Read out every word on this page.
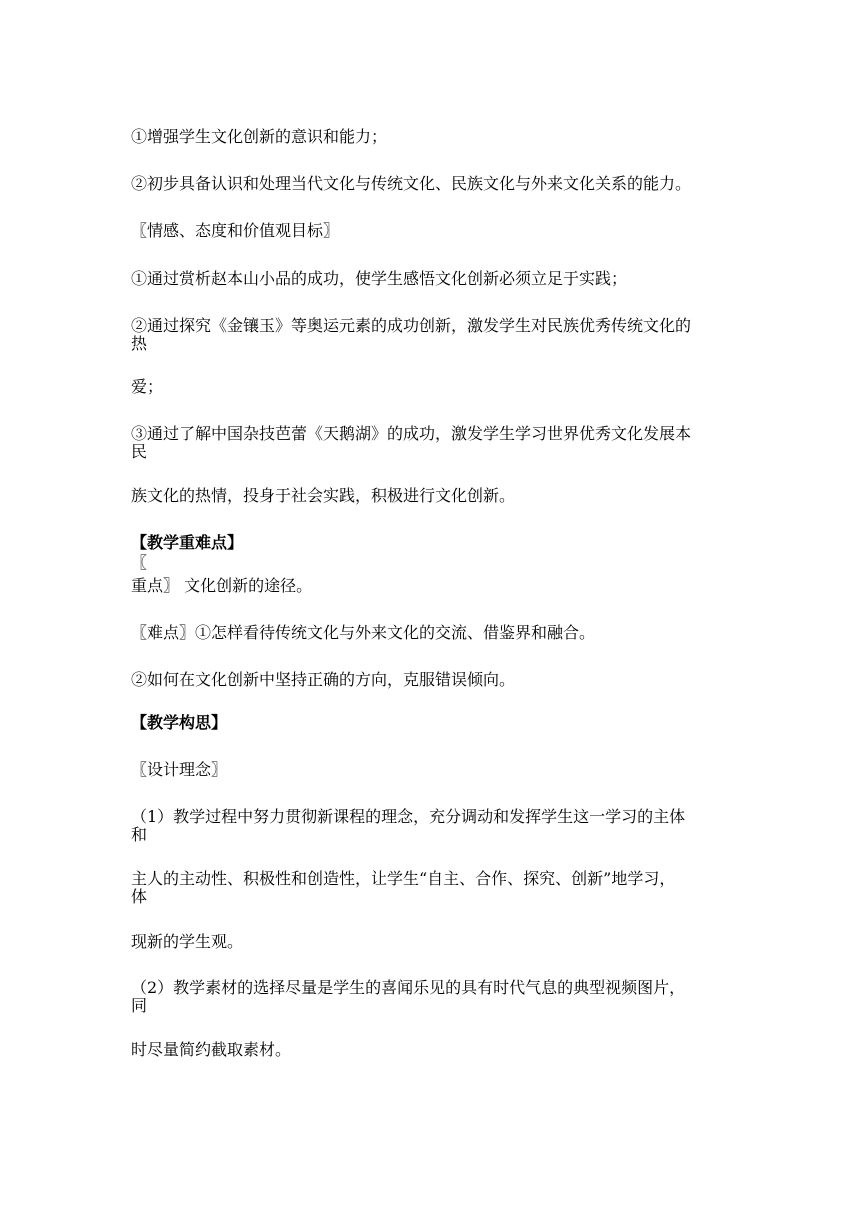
①增强学生文化创新的意识和能力；
②初步具备认识和处理当代文化与传统文化、民族文化与外来文化关系的能力。
〖情感、态度和价值观目标〗
①通过赏析赵本山小品的成功，使学生感悟文化创新必须立足于实践；
②通过探究《金镶玉》等奥运元素的成功创新，激发学生对民族优秀传统文化的
热
爱；
③通过了解中国杂技芭蕾《天鹅湖》的成功，激发学生学习世界优秀文化发展本
民
族文化的热情，投身于社会实践，积极进行文化创新。
【教学重难点】
〖
重点〗 文化创新的途径。
〖难点〗①怎样看待传统文化与外来文化的交流、借鉴界和融合。
②如何在文化创新中坚持正确的方向，克服错误倾向。
【教学构思】
〖设计理念〗
（1）教学过程中努力贯彻新课程的理念，充分调动和发挥学生这一学习的主体
和
主人的主动性、积极性和创造性，让学生“自主、合作、探究、创新”地学习，
体
现新的学生观。
（2）教学素材的选择尽量是学生的喜闻乐见的具有时代气息的典型视频图片，
同
时尽量简约截取素材。
